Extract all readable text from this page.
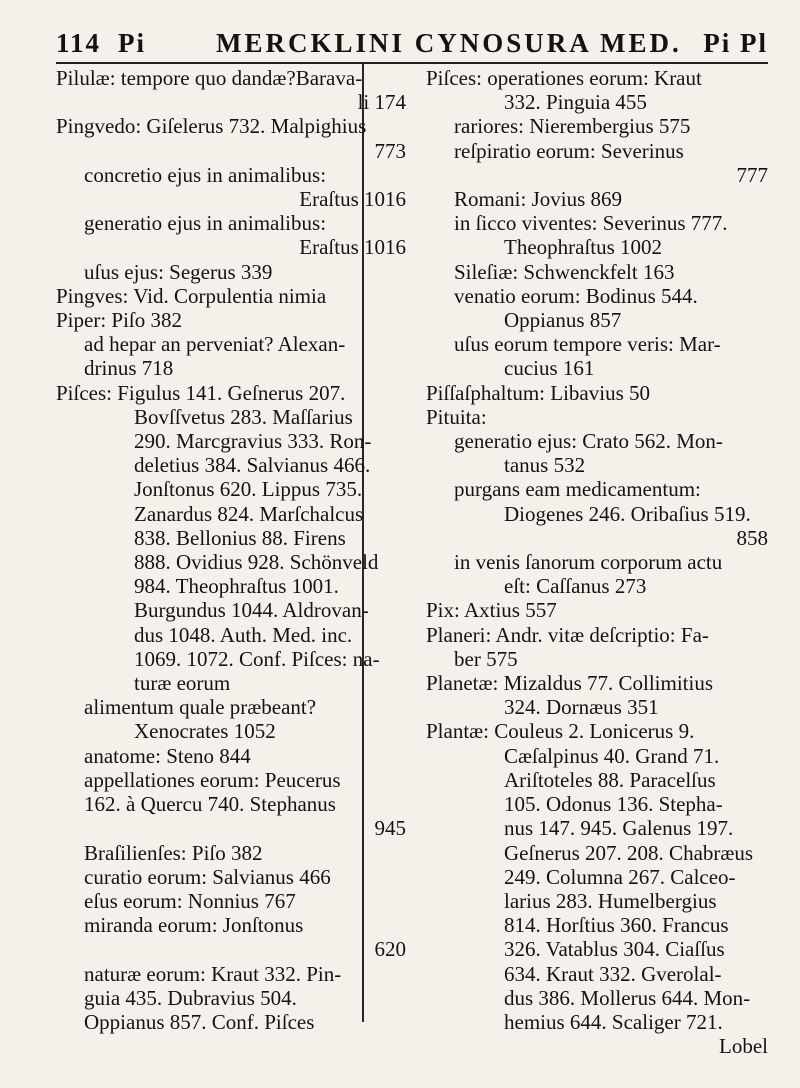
114 Pi	MERCKLINI CYNOSURA MED. Pi Pl
Pilulæ: tempore quo dandæ?Barava-
li 174
Pingvedo: Giſelerus 732. Malpighius
773
concretio ejus in animalibus:
Eraſtus 1016
generatio ejus in animalibus:
Eraſtus 1016
uſus ejus: Segerus 339
Pingves: Vid. Corpulentia nimia
Piper: Piſo 382
ad hepar an perveniat? Alexan-
drinus 718
Piſces: Figulus 141. Geſnerus 207.
Bovſſvetus 283. Maſſarius
290. Marcgravius 333. Ron-
deletius 384. Salvianus 466.
Jonſtonus 620. Lippus 735.
Zanardus 824. Marſchalcus
838. Bellonius 88. Firens
888. Ovidius 928. Schönveld
984. Theophraſtus 1001.
Burgundus 1044. Aldrovan-
dus 1048. Auth. Med. inc.
1069. 1072. Conf. Piſces: na-
turæ eorum
alimentum quale præbeant?
Xenocrates 1052
anatome: Steno 844
appellationes eorum: Peucerus
162. à Quercu 740. Stephanus
945
Braſilienſes: Piſo 382
curatio eorum: Salvianus 466
eſus eorum: Nonnius 767
miranda eorum: Jonſtonus
620
naturæ eorum: Kraut 332. Pin-
guia 435. Dubravius 504.
Oppianus 857. Conf. Piſces
Piſces: operationes eorum: Kraut
332. Pinguia 455
rariores: Nierembergius 575
reſpiratio eorum: Severinus
777
Romani: Jovius 869
in ſicco viventes: Severinus 777.
Theophraſtus 1002
Sileſiæ: Schwenckfelt 163
venatio eorum: Bodinus 544.
Oppianus 857
uſus eorum tempore veris: Mar-
cucius 161
Piſſaſphaltum: Libavius 50
Pituita:
generatio ejus: Crato 562. Mon-
tanus 532
purgans eam medicamentum:
Diogenes 246. Oribaſius 519.
858
in venis ſanorum corporum actu
eſt: Caſſanus 273
Pix: Axtius 557
Planeri: Andr. vitæ deſcriptio: Fa-
ber 575
Planetæ: Mizaldus 77. Collimitius
324. Dornæus 351
Plantæ: Couleus 2. Lonicerus 9.
Cæſalpinus 40. Grand 71.
Ariſtoteles 88. Paracelſus
105. Odonus 136. Stepha-
nus 147. 945. Galenus 197.
Geſnerus 207. 208. Chabræus
249. Columna 267. Calceo-
larius 283. Humelbergius
814. Horſtius 360. Francus
326. Vatablus 304. Ciaſſus
634. Kraut 332. Gverolal-
dus 386. Mollerus 644. Mon-
hemius 644. Scaliger 721.
Lobel
